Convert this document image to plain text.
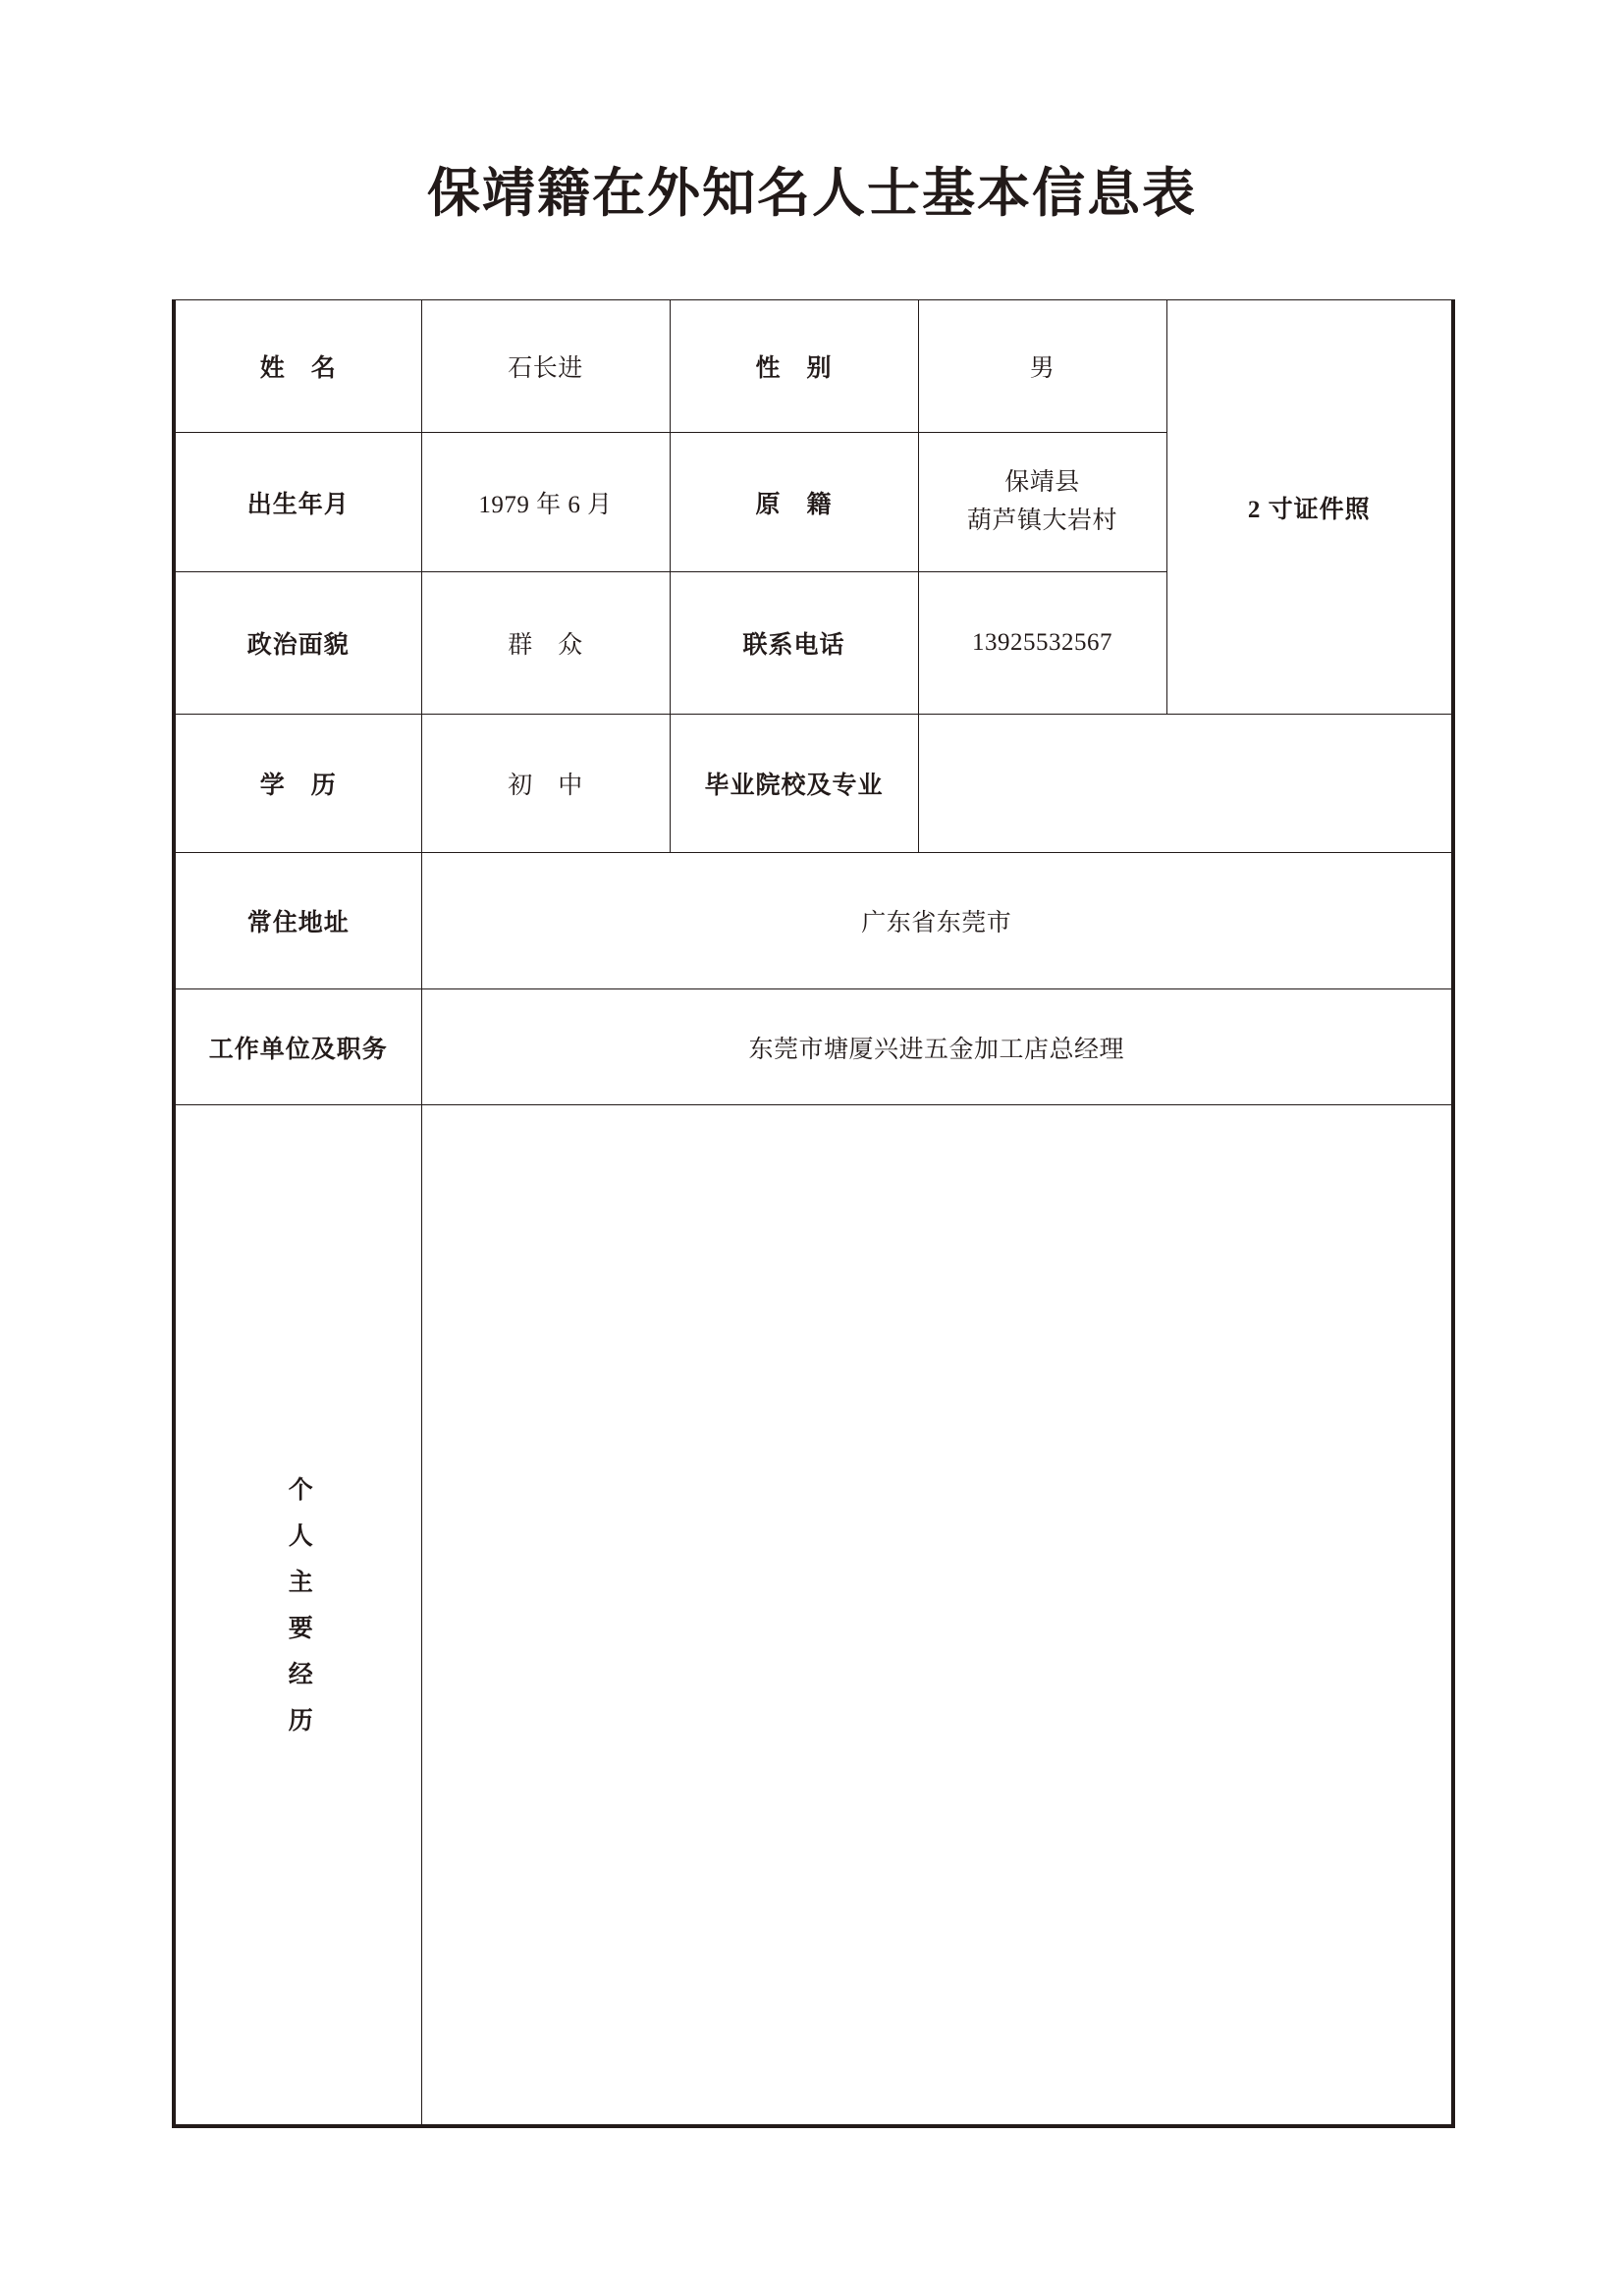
保靖籍在外知名人士基本信息表
姓　名	石长进	性　别	男	2 寸证件照
出生年月	1979 年 6 月	原　籍	保靖县
葫芦镇大岩村	

政治面貌	群　众	联系电话	13925532567	
学　历	初　中	毕业院校及专业		
常住地址	广东省东莞市			
工作单位及职务	东莞市塘厦兴进五金加工店总经理			

个人主要经历				
